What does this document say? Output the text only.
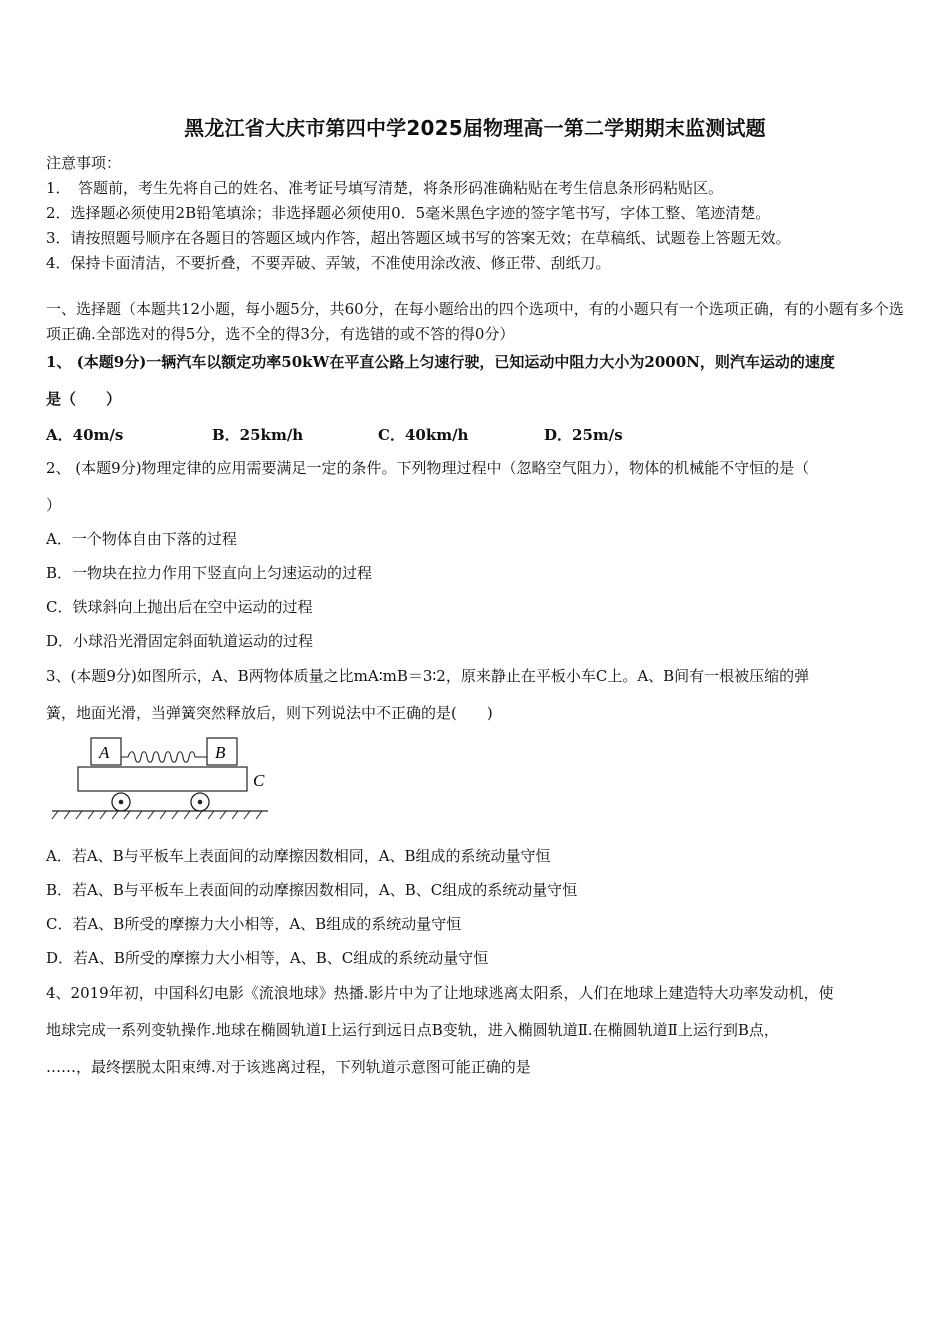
黑龙江省大庆市第四中学2025届物理高一第二学期期末监测试题
注意事项：
1．　答题前，考生先将自己的姓名、准考证号填写清楚，将条形码准确粘贴在考生信息条形码粘贴区。
2．选择题必须使用2B铅笔填涂；非选择题必须使用0．5毫米黑色字迹的签字笔书写，字体工整、笔迹清楚。
3．请按照题号顺序在各题目的答题区域内作答，超出答题区域书写的答案无效；在草稿纸、试题卷上答题无效。
4．保持卡面清洁，不要折叠，不要弄破、弄皱，不准使用涂改液、修正带、刮纸刀。
一、选择题（本题共12小题，每小题5分，共60分，在每小题给出的四个选项中，有的小题只有一个选项正确，有的小题有多个选项正确.全部选对的得5分，选不全的得3分，有选错的或不答的得0分）
1、 (本题9分)一辆汽车以额定功率50kW在平直公路上匀速行驶，已知运动中阻力大小为2000N，则汽车运动的速度
是（　　）
A．40m/s	B．25km/h	C．40km/h	D．25m/s
2、 (本题9分)物理定律的应用需要满足一定的条件。下列物理过程中（忽略空气阻力），物体的机械能不守恒的是（
）
A．一个物体自由下落的过程
B．一物块在拉力作用下竖直向上匀速运动的过程
C．铁球斜向上抛出后在空中运动的过程
D．小球沿光滑固定斜面轨道运动的过程
3、(本题9分)如图所示，A、B两物体质量之比mA∶mB＝3∶2，原来静止在平板小车C上。A、B间有一根被压缩的弹
簧，地面光滑，当弹簧突然释放后，则下列说法中不正确的是(　　)
A	B
C
A．若A、B与平板车上表面间的动摩擦因数相同，A、B组成的系统动量守恒
B．若A、B与平板车上表面间的动摩擦因数相同，A、B、C组成的系统动量守恒
C．若A、B所受的摩擦力大小相等，A、B组成的系统动量守恒
D．若A、B所受的摩擦力大小相等，A、B、C组成的系统动量守恒
4、2019年初，中国科幻电影《流浪地球》热播.影片中为了让地球逃离太阳系，人们在地球上建造特大功率发动机，使
地球完成一系列变轨操作.地球在椭圆轨道Ⅰ上运行到远日点B变轨，进入椭圆轨道Ⅱ.在椭圆轨道Ⅱ上运行到B点，
……，最终摆脱太阳束缚.对于该逃离过程，下列轨道示意图可能正确的是
